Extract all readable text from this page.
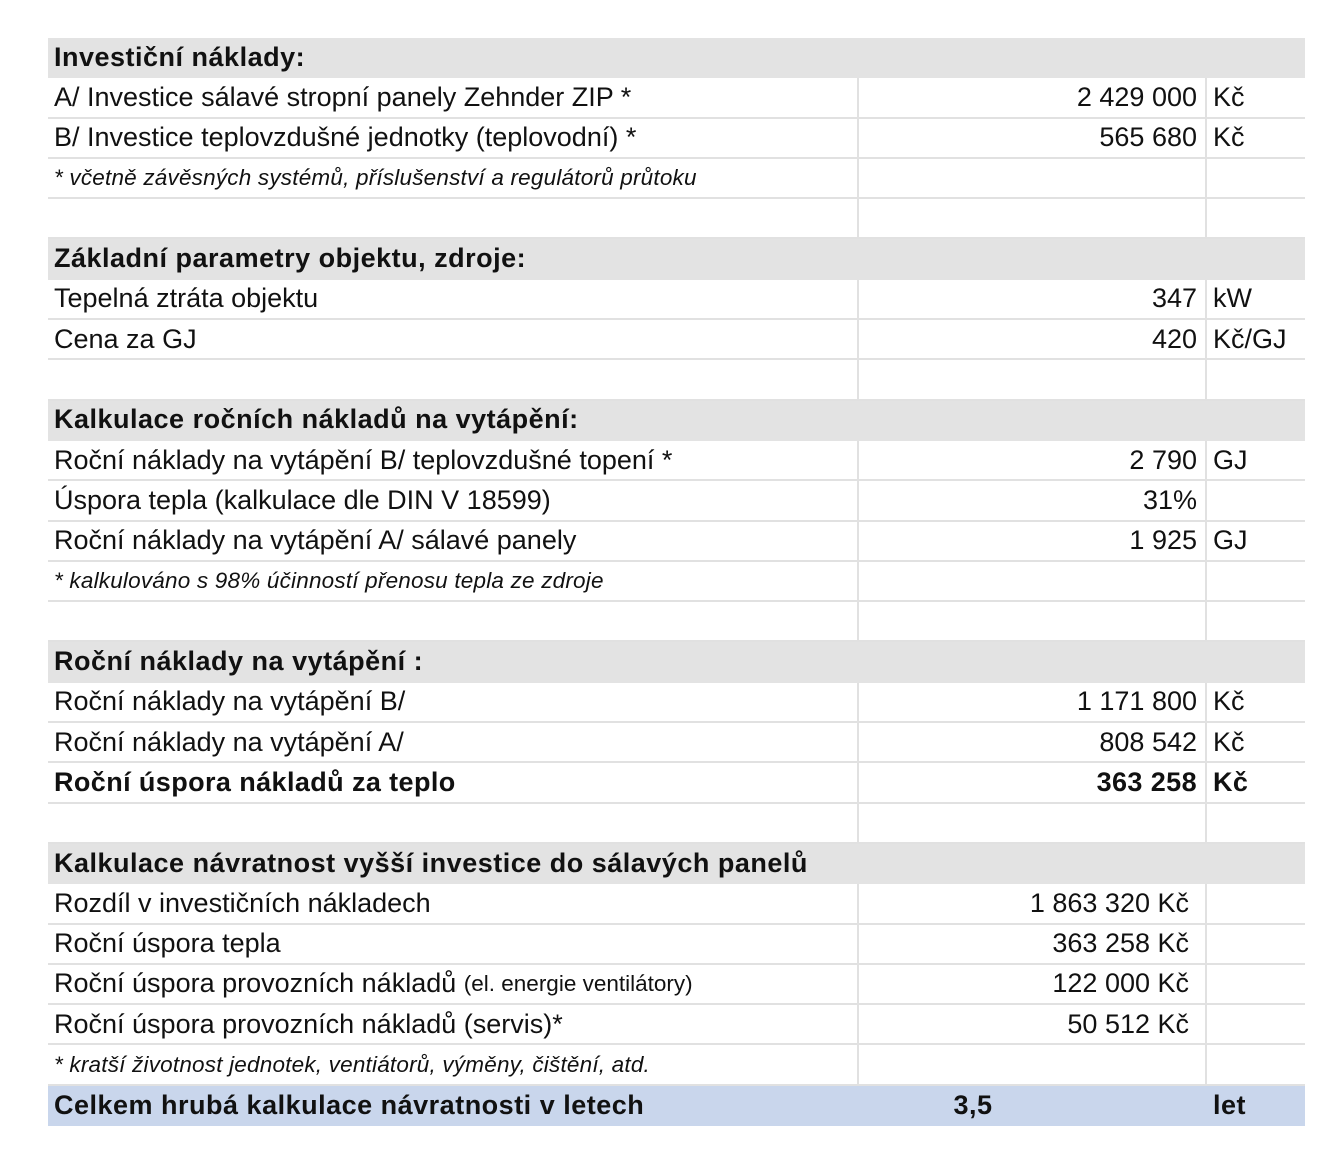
Investiční náklady:
A/ Investice sálavé stropní panely Zehnder ZIP *	2 429 000 Kč
B/ Investice teplovzdušné jednotky (teplovodní) *	565 680 Kč
* včetně závěsných systémů, příslušenství a regulátorů průtoku
Základní parametry objektu, zdroje:
Tepelná ztráta objektu	347 kW
Cena za GJ	420 Kč/GJ
Kalkulace ročních nákladů na vytápění:
Roční náklady na vytápění B/ teplovzdušné topení *	2 790 GJ
Úspora tepla (kalkulace dle DIN V 18599)	31%
Roční náklady na vytápění A/ sálavé panely	1 925 GJ
* kalkulováno s 98% účinností přenosu tepla ze zdroje
Roční náklady na vytápění :
Roční náklady na vytápění B/	1 171 800 Kč
Roční náklady na vytápění A/	808 542 Kč
Roční úspora nákladů za teplo	363 258 Kč
Kalkulace návratnost vyšší investice do sálavých panelů
Rozdíl v investičních nákladech	1 863 320 Kč
Roční úspora tepla	363 258 Kč
Roční úspora provozních nákladů
(el. energie ventilátory)	122 000 Kč
Roční úspora provozních nákladů (servis)*	50 512 Kč
* kratší životnost jednotek, ventiátorů, výměny, čištění, atd.
Celkem hrubá kalkulace návratnosti v letech	3,5	let
